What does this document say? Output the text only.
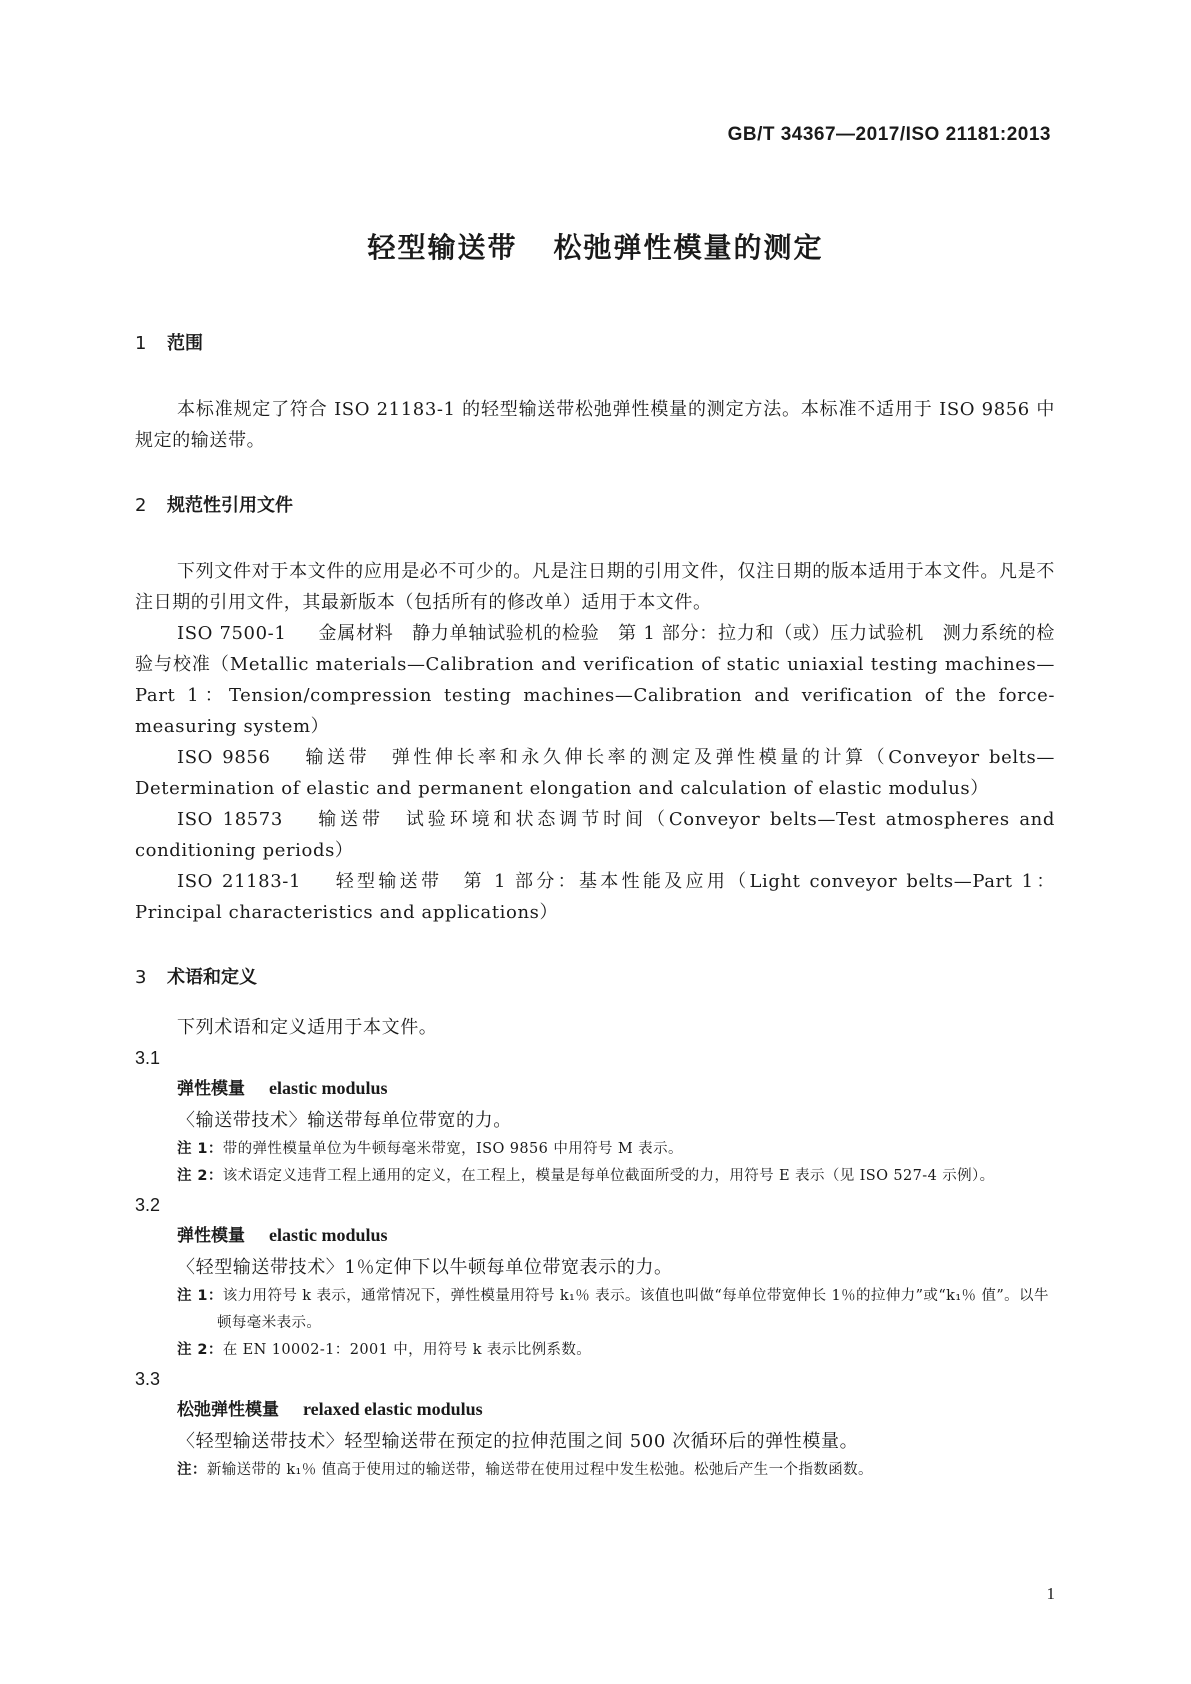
GB/T 34367—2017/ISO 21181:2013
轻型输送带 松弛弹性模量的测定
1 范围
本标准规定了符合 ISO 21183-1 的轻型输送带松弛弹性模量的测定方法。本标准不适用于 ISO 9856 中规定的输送带。
2 规范性引用文件
下列文件对于本文件的应用是必不可少的。凡是注日期的引用文件，仅注日期的版本适用于本文件。凡是不注日期的引用文件，其最新版本（包括所有的修改单）适用于本文件。
ISO 7500-1 金属材料　静力单轴试验机的检验　第 1 部分：拉力和（或）压力试验机　测力系统的检验与校准（Metallic materials—Calibration and verification of static uniaxial testing machines—Part 1：Tension/compression testing machines—Calibration and verification of the force-measuring system）
ISO 9856 输送带　弹性伸长率和永久伸长率的测定及弹性模量的计算（Conveyor belts—Determination of elastic and permanent elongation and calculation of elastic modulus）
ISO 18573 输送带　试验环境和状态调节时间（Conveyor belts—Test atmospheres and conditioning periods）
ISO 21183-1 轻型输送带　第 1 部分：基本性能及应用（Light conveyor belts—Part 1：Principal characteristics and applications）
3 术语和定义
下列术语和定义适用于本文件。
3.1
弹性模量 elastic modulus
〈输送带技术〉输送带每单位带宽的力。
注 1：带的弹性模量单位为牛顿每毫米带宽，ISO 9856 中用符号 M 表示。
注 2：该术语定义违背工程上通用的定义，在工程上，模量是每单位截面所受的力，用符号 E 表示（见 ISO 527-4 示例）。
3.2
弹性模量 elastic modulus
〈轻型输送带技术〉1％定伸下以牛顿每单位带宽表示的力。
注 1：该力用符号 k 表示，通常情况下，弹性模量用符号 k₁％ 表示。该值也叫做“每单位带宽伸长 1％的拉伸力”或“k₁％ 值”。以牛顿每毫米表示。
注 2：在 EN 10002-1：2001 中，用符号 k 表示比例系数。
3.3
松弛弹性模量 relaxed elastic modulus
〈轻型输送带技术〉轻型输送带在预定的拉伸范围之间 500 次循环后的弹性模量。
注：新输送带的 k₁％ 值高于使用过的输送带，输送带在使用过程中发生松弛。松弛后产生一个指数函数。
1
